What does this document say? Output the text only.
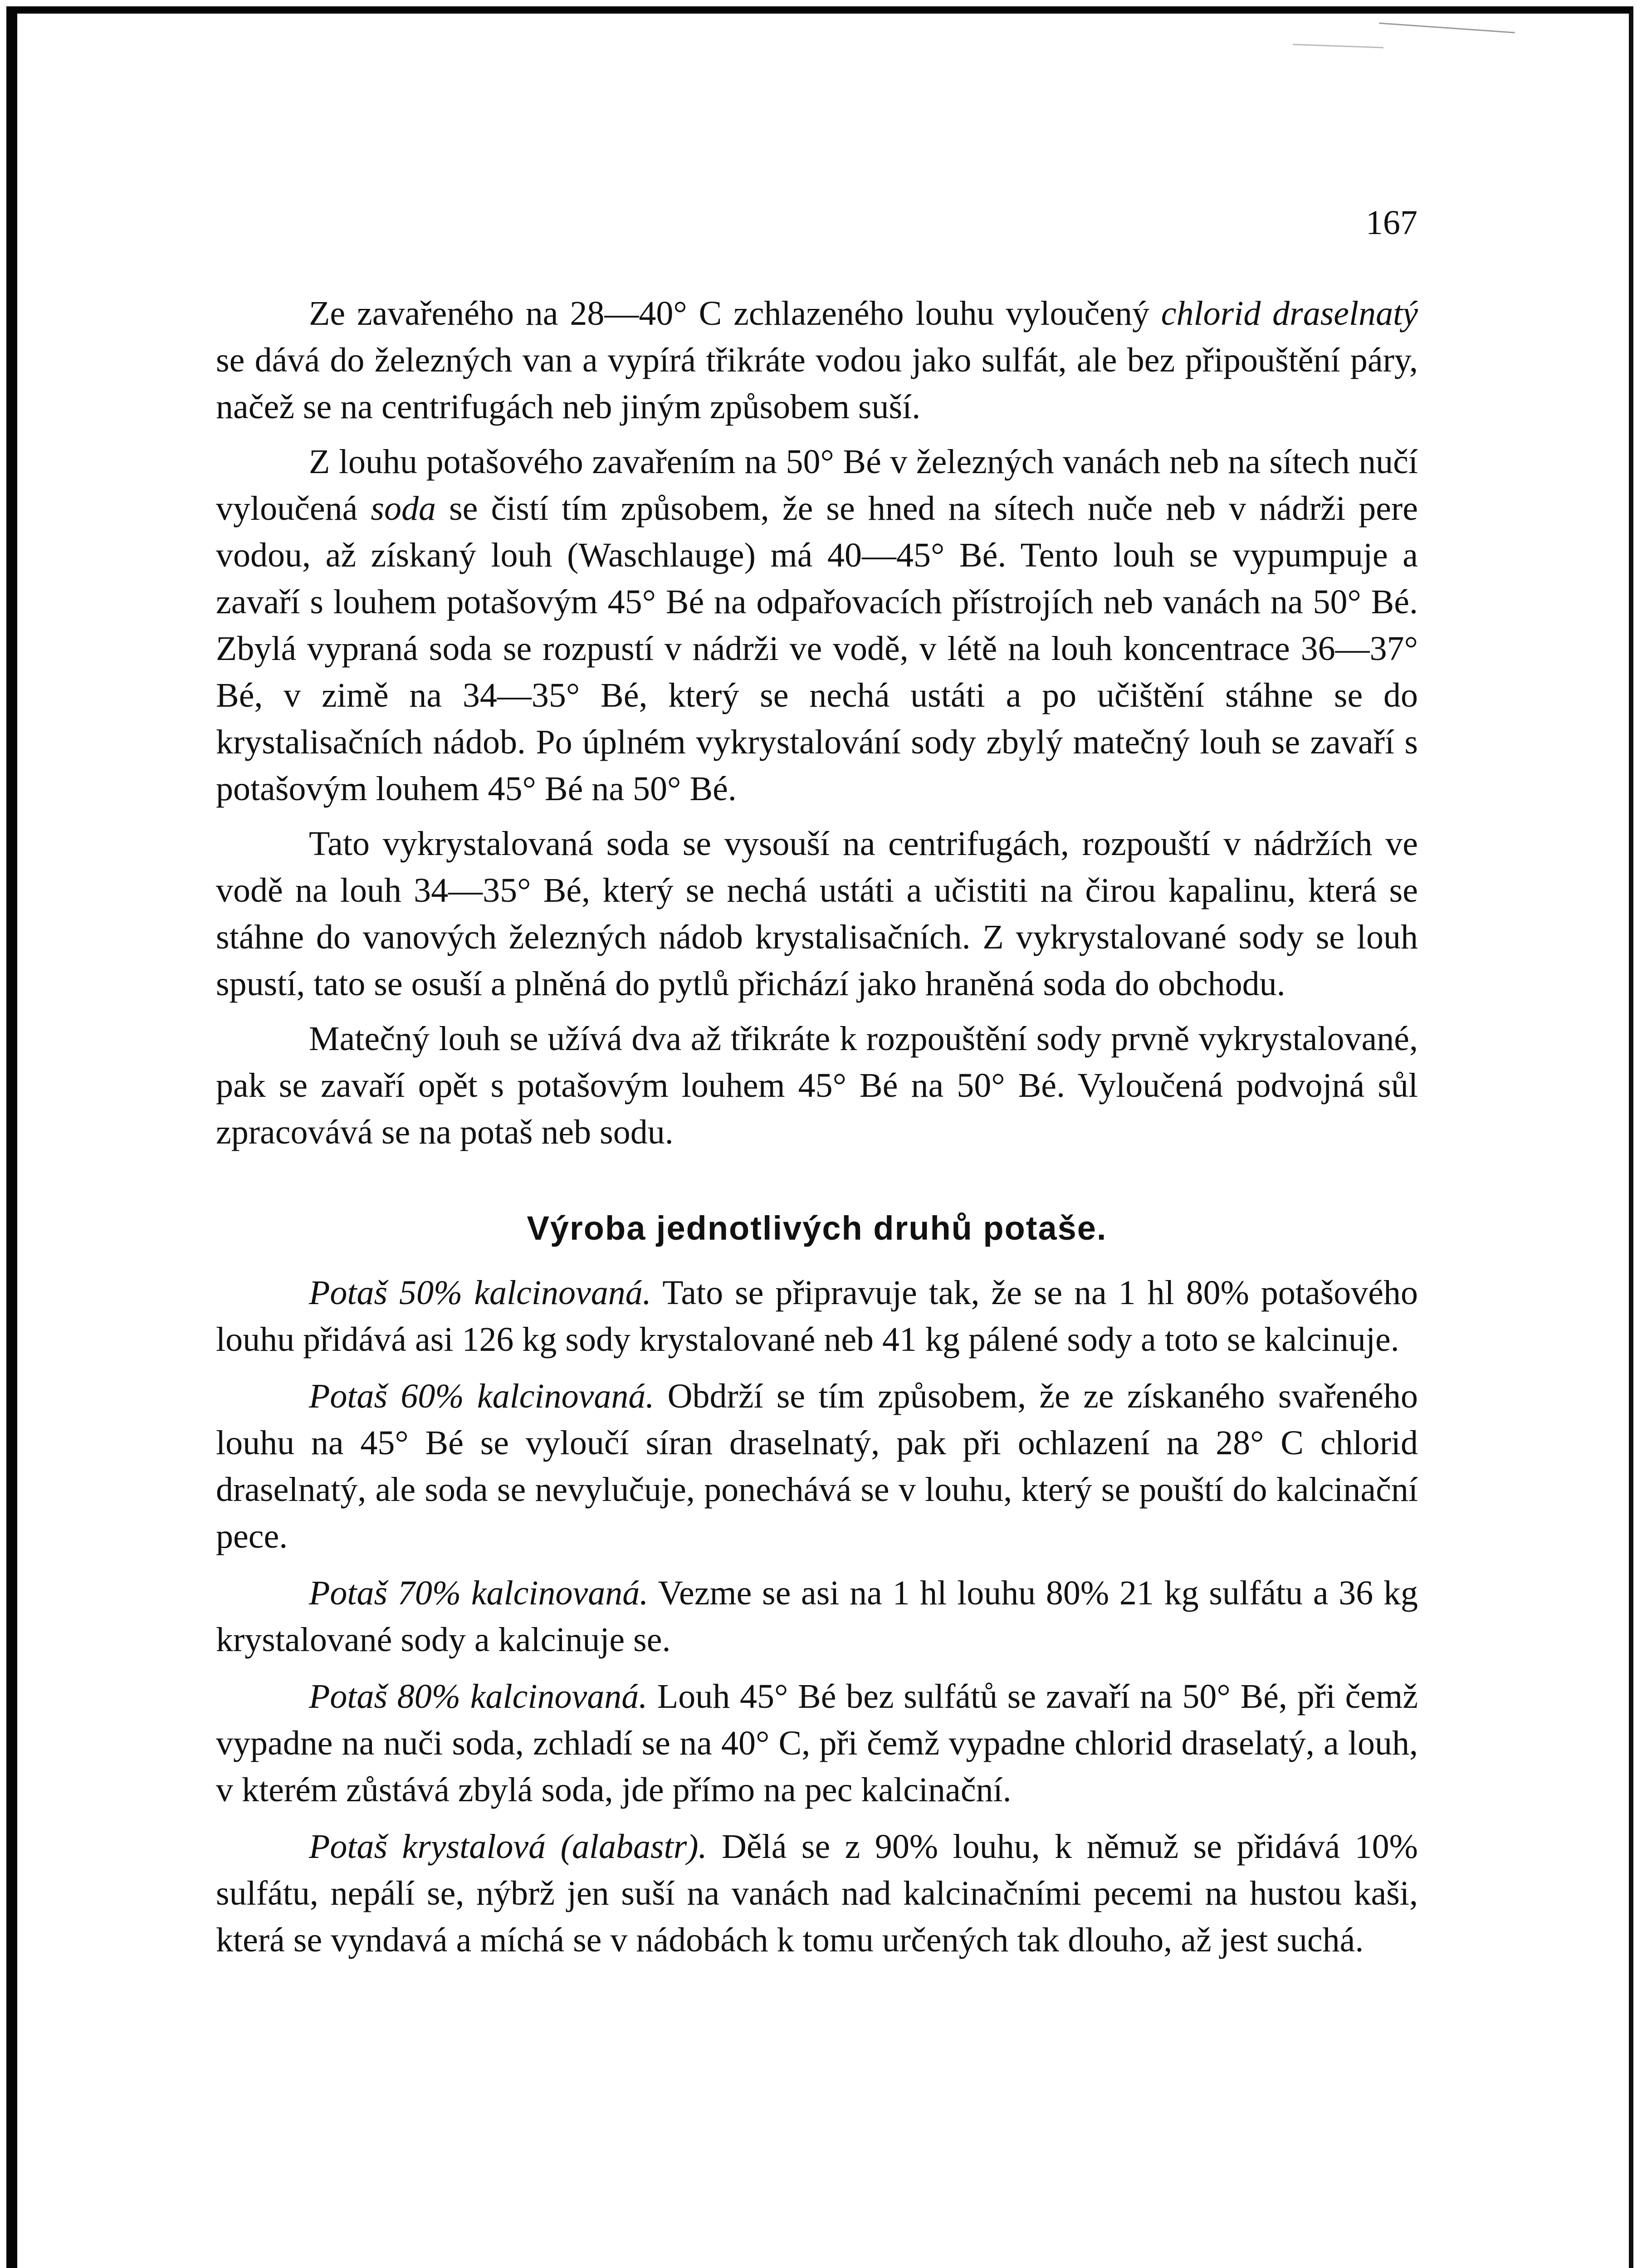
167

Ze zavařeného na 28—40° C zchlazeného louhu vyloučený chlorid draselnatý se dává do železných van a vypírá třikráte vodou jako sulfát, ale bez připouštění páry, načež se na centrifugách neb jiným způsobem suší.

Z louhu potašového zavařením na 50° Bé v železných vanách neb na sítech nučí vyloučená soda se čistí tím způsobem, že se hned na sítech nuče neb v nádrži pere vodou, až získaný louh (Waschlauge) má 40—45° Bé. Tento louh se vypumpuje a zavaří s louhem potašovým 45° Bé na odpařovacích přístrojích neb vanách na 50° Bé. Zbylá vypraná soda se rozpustí v nádrži ve vodě, v létě na louh koncentrace 36—37° Bé, v zimě na 34—35° Bé, který se nechá ustáti a po učištění stáhne se do krystalisačních nádob. Po úplném vykrystalování sody zbylý matečný louh se zavaří s potašovým louhem 45° Bé na 50° Bé.

Tato vykrystalovaná soda se vysouší na centrifugách, rozpouští v nádržích ve vodě na louh 34—35° Bé, který se nechá ustáti a učistiti na čirou kapalinu, která se stáhne do vanových železných nádob krystalisačních. Z vykrystalované sody se louh spustí, tato se osuší a plněná do pytlů přichází jako hraněná soda do obchodu.

Matečný louh se užívá dva až třikráte k rozpouštění sody prvně vykrystalované, pak se zavaří opět s potašovým louhem 45° Bé na 50° Bé. Vyloučená podvojná sůl zpracovává se na potaš neb sodu.

Výroba jednotlivých druhů potaše.

Potaš 50% kalcinovaná. Tato se připravuje tak, že se na 1 hl 80% potašového louhu přidává asi 126 kg sody krystalované neb 41 kg pálené sody a toto se kalcinuje.

Potaš 60% kalcinovaná. Obdrží se tím způsobem, že ze získaného svařeného louhu na 45° Bé se vyloučí síran draselnatý, pak při ochlazení na 28° C chlorid draselnatý, ale soda se nevylučuje, ponechává se v louhu, který se pouští do kalcinační pece.

Potaš 70% kalcinovaná. Vezme se asi na 1 hl louhu 80% 21 kg sulfátu a 36 kg krystalované sody a kalcinuje se.

Potaš 80% kalcinovaná. Louh 45° Bé bez sulfátů se zavaří na 50° Bé, při čemž vypadne na nuči soda, zchladí se na 40° C, při čemž vypadne chlorid draselatý, a louh, v kterém zůstává zbylá soda, jde přímo na pec kalcinační.

Potaš krystalová (alabastr). Dělá se z 90% louhu, k němuž se přidává 10% sulfátu, nepálí se, nýbrž jen suší na vanách nad kalcinačními pecemi na hustou kaši, která se vyndavá a míchá se v nádobách k tomu určených tak dlouho, až jest suchá.
